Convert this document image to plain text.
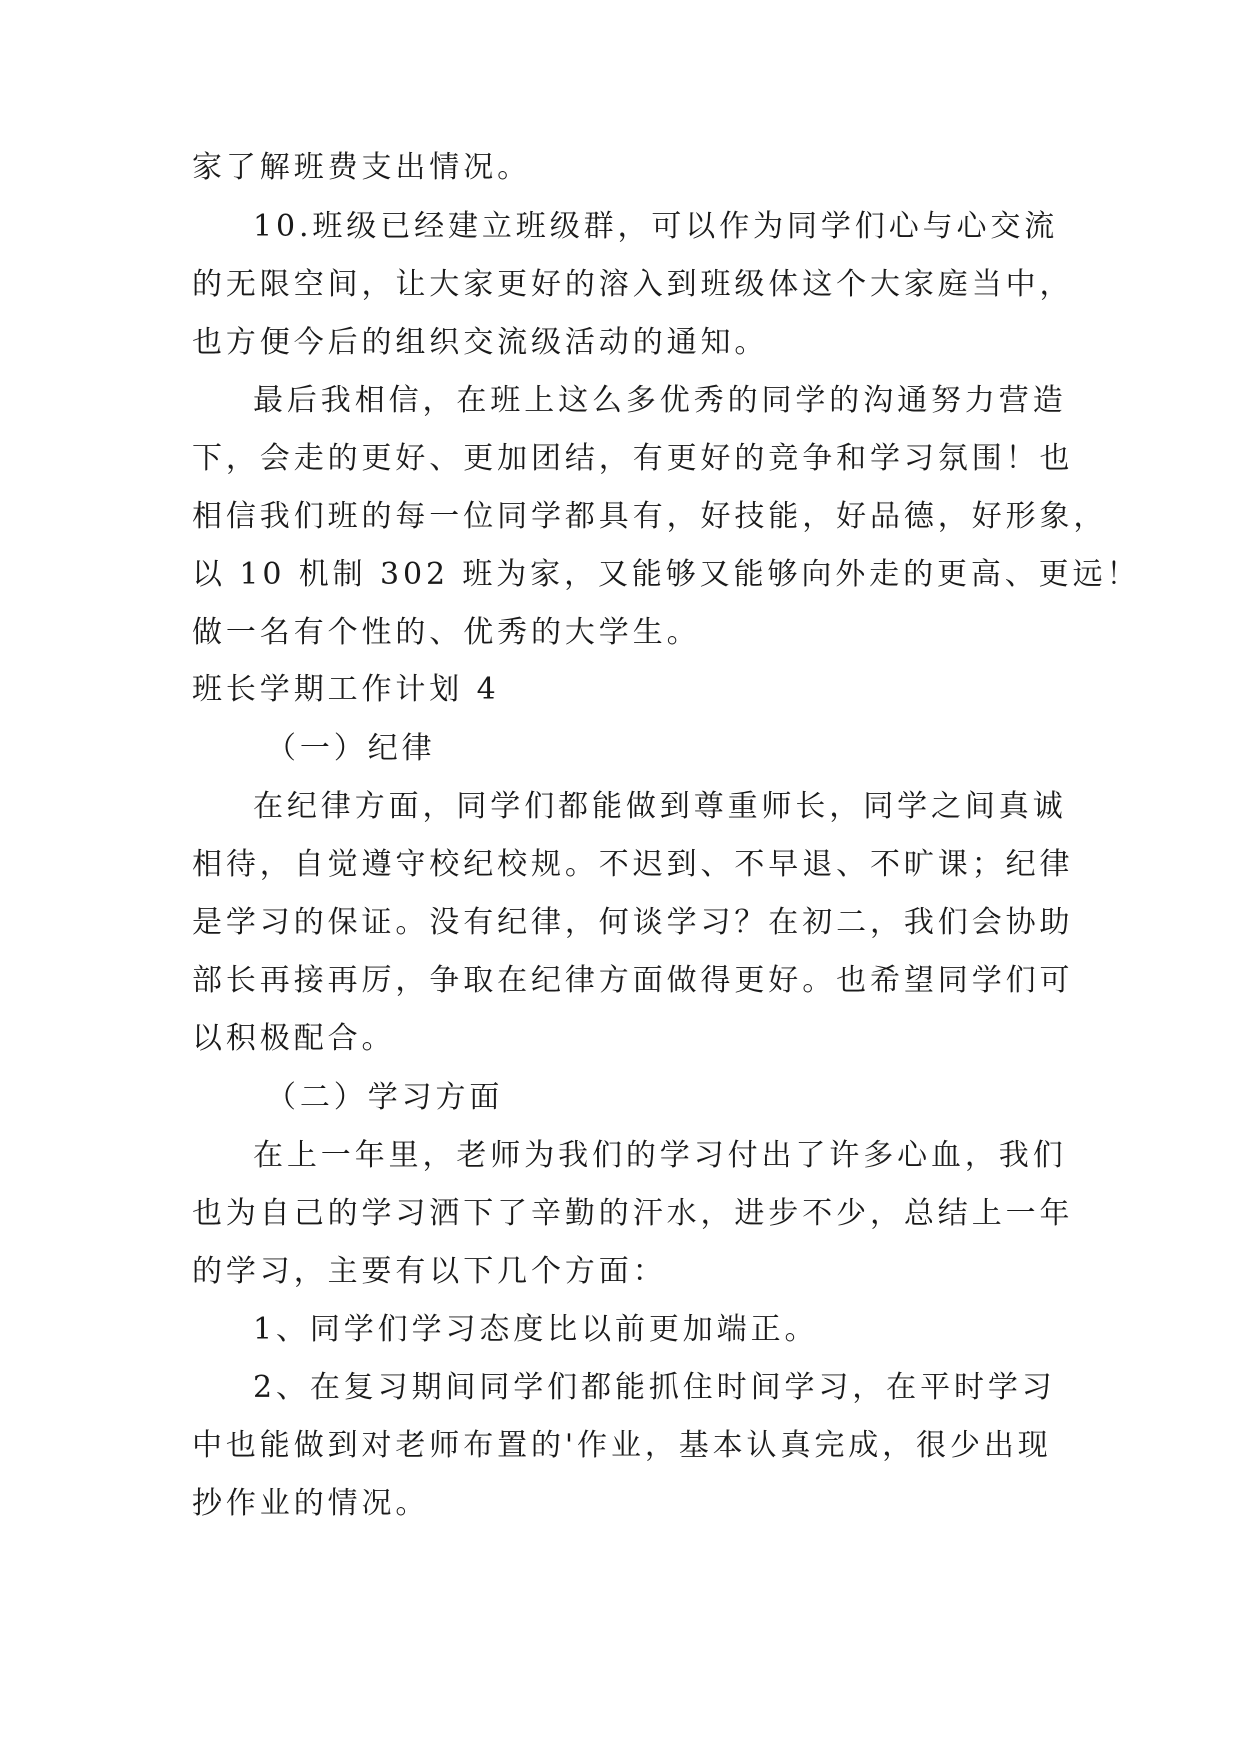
家了解班费支出情况。
10.班级已经建立班级群，可以作为同学们心与心交流
的无限空间，让大家更好的溶入到班级体这个大家庭当中，
也方便今后的组织交流级活动的通知。
最后我相信，在班上这么多优秀的同学的沟通努力营造
下，会走的更好、更加团结，有更好的竞争和学习氛围！也
相信我们班的每一位同学都具有，好技能，好品德，好形象，
以 10 机制 302 班为家，又能够又能够向外走的更高、更远！
做一名有个性的、优秀的大学生。
班长学期工作计划 4
（一）纪律
在纪律方面，同学们都能做到尊重师长，同学之间真诚
相待，自觉遵守校纪校规。不迟到、不早退、不旷课；纪律
是学习的保证。没有纪律，何谈学习？在初二，我们会协助
部长再接再厉，争取在纪律方面做得更好。也希望同学们可
以积极配合。
（二）学习方面
在上一年里，老师为我们的学习付出了许多心血，我们
也为自己的学习洒下了辛勤的汗水，进步不少，总结上一年
的学习，主要有以下几个方面：
1、同学们学习态度比以前更加端正。
2、在复习期间同学们都能抓住时间学习，在平时学习
中也能做到对老师布置的'作业，基本认真完成，很少出现
抄作业的情况。
